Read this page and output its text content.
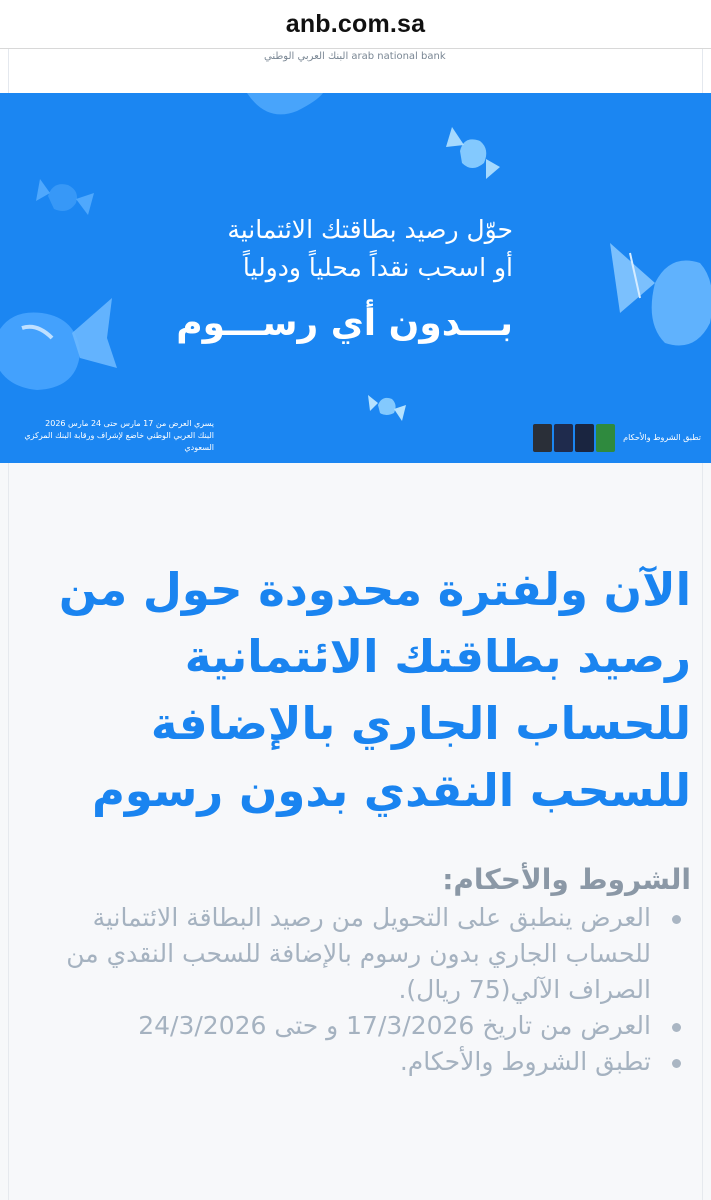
anb.com.sa
البنك العربي الوطني arab national bank
حوّل رصيد بطاقتك الائتمانية
أو اسحب نقداً محلياً ودولياً
بـــدون أي رســـوم
يسري العرض من 17 مارس حتى 24 مارس 2026
البنك العربي الوطني خاضع لإشراف ورقابة البنك المركزي السعودي
تطبق الشروط والأحكام
الآن ولفترة محدودة حول من رصيد بطاقتك الائتمانية للحساب الجاري بالإضافة للسحب النقدي بدون رسوم
الشروط والأحكام:
العرض ينطبق على التحويل من رصيد البطاقة الائتمانية للحساب الجاري بدون رسوم بالإضافة للسحب النقدي من الصراف الآلي(75 ريال).
العرض من تاريخ 17/3/2026 و حتى 24/3/2026
تطبق الشروط والأحكام.
